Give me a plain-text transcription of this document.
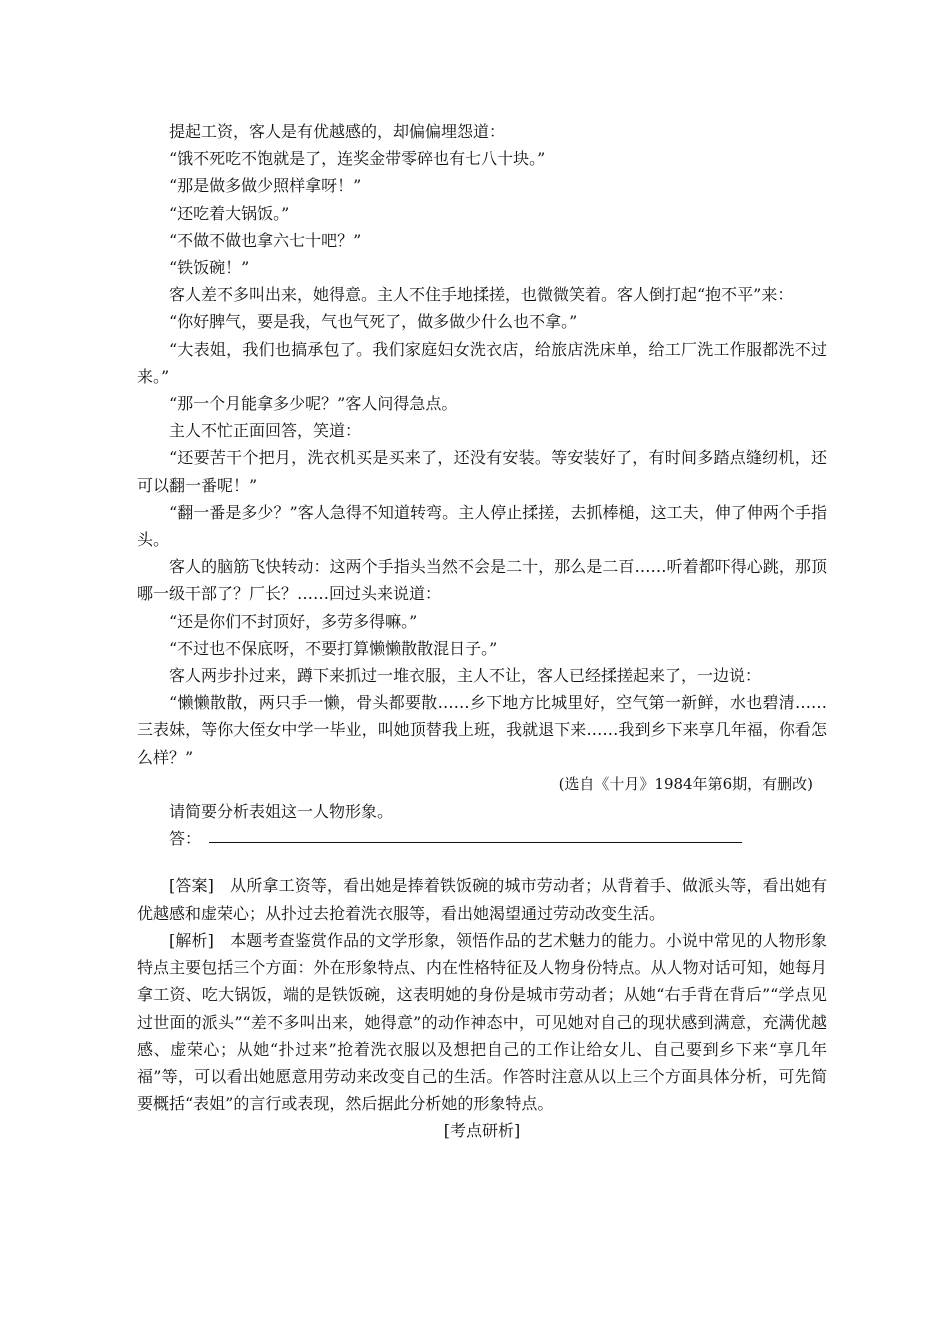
提起工资，客人是有优越感的，却偏偏埋怨道：

“饿不死吃不饱就是了，连奖金带零碎也有七八十块。”

“那是做多做少照样拿呀！”

“还吃着大锅饭。”

“不做不做也拿六七十吧？”

“铁饭碗！”

客人差不多叫出来，她得意。主人不住手地揉搓，也微微笑着。客人倒打起“抱不平”来：

“你好脾气，要是我，气也气死了，做多做少什么也不拿。”

“大表姐，我们也搞承包了。我们家庭妇女洗衣店，给旅店洗床单，给工厂洗工作服都洗不过来。”

“那一个月能拿多少呢？”客人问得急点。

主人不忙正面回答，笑道：

“还要苦干个把月，洗衣机买是买来了，还没有安装。等安装好了，有时间多踏点缝纫机，还可以翻一番呢！”

“翻一番是多少？”客人急得不知道转弯。主人停止揉搓，去抓棒槌，这工夫，伸了伸两个手指头。

客人的脑筋飞快转动：这两个手指头当然不会是二十，那么是二百……听着都吓得心跳，那顶哪一级干部了？厂长？……回过头来说道：

“还是你们不封顶好，多劳多得嘛。”

“不过也不保底呀，不要打算懒懒散散混日子。”

客人两步扑过来，蹲下来抓过一堆衣服，主人不让，客人已经揉搓起来了，一边说：

“懒懒散散，两只手一懒，骨头都要散……乡下地方比城里好，空气第一新鲜，水也碧清……三表妹，等你大侄女中学一毕业，叫她顶替我上班，我就退下来……我到乡下来享几年福，你看怎么样？”

(选自《十月》1984年第6期，有删改)

请简要分析表姐这一人物形象。

答：

[答案]　 从所拿工资等，看出她是捧着铁饭碗的城市劳动者；从背着手、做派头等，看出她有优越感和虚荣心；从扑过去抢着洗衣服等，看出她渴望通过劳动改变生活。

[解析]　 本题考查鉴赏作品的文学形象，领悟作品的艺术魅力的能力。小说中常见的人物形象特点主要包括三个方面：外在形象特点、内在性格特征及人物身份特点。从人物对话可知，她每月拿工资、吃大锅饭，端的是铁饭碗，这表明她的身份是城市劳动者；从她“右手背在背后”“学点见过世面的派头”“差不多叫出来，她得意”的动作神态中，可见她对自己的现状感到满意，充满优越感、虚荣心；从她“扑过来”抢着洗衣服以及想把自己的工作让给女儿、自己要到乡下来“享几年福”等，可以看出她愿意用劳动来改变自己的生活。作答时注意从以上三个方面具体分析，可先简要概括“表姐”的言行或表现，然后据此分析她的形象特点。

[考点研析]
